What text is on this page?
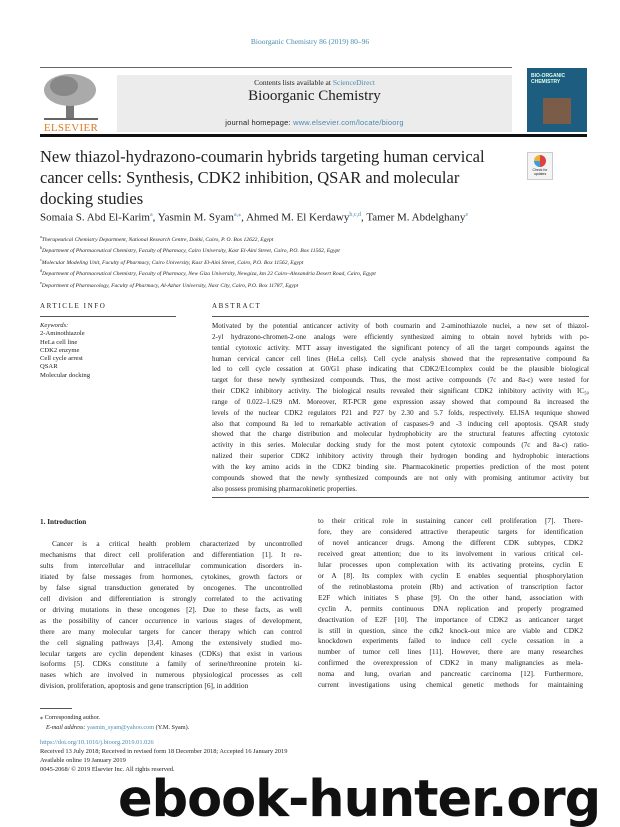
Bioorganic Chemistry 86 (2019) 80–96
ELSEVIER
Contents lists available at ScienceDirect
Bioorganic Chemistry
journal homepage: www.elsevier.com/locate/bioorg
BIO-ORGANIC CHEMISTRY
New thiazol-hydrazono-coumarin hybrids targeting human cervical cancer cells: Synthesis, CDK2 inhibition, QSAR and molecular docking studies
Check for updates
Somaia S. Abd El-Karim$^a$, Yasmin M. Syam$^{a,⁎}$, Ahmed M. El Kerdawy$^{b,c,d}$, Tamer M. Abdelghany$^e$
$^a$Therapeutical Chemistry Department, National Research Centre, Dokki, Cairo, P. O. Box 12622, Egypt
$^b$Department of Pharmaceutical Chemistry, Faculty of Pharmacy, Cairo University, Kasr El-Aini Street, Cairo, P.O. Box 11562, Egypt
$^c$Molecular Modeling Unit, Faculty of Pharmacy, Cairo University, Kasr El-Aini Street, Cairo, P.O. Box 11562, Egypt
$^d$Department of Pharmaceutical Chemistry, Faculty of Pharmacy, New Giza University, Newgiza, km 22 Cairo–Alexandria Desert Road, Cairo, Egypt
$^e$Department of Pharmacology, Faculty of Pharmacy, Al-Azhar University, Nasr City, Cairo, P.O. Box 11787, Egypt
ARTICLE INFO
Keywords:
2-Aminothiazole
HeLa cell line
CDK2 enzyme
Cell cycle arrest
QSAR
Molecular docking
ABSTRACT
Motivated by the potential anticancer activity of both coumarin and 2-aminothiazole nuclei, a new set of thiazol-
2-yl hydrazono-chromen-2-one analogs were efficiently synthesized aiming to obtain novel hybrids with po-
tential cytotoxic activity. MTT assay investigated the significant potency of all the target compounds against the
human cervical cancer cell lines (HeLa cells). Cell cycle analysis showed that the representative compound 8a
led to cell cycle cessation at G0/G1 phase indicating that CDK2/E1complex could be the plausible biological
target for these newly synthesized compounds. Thus, the most active compounds (7c and 8a-c) were tested for
their CDK2 inhibitory activity. The biological results revealed their significant CDK2 inhibitory activity with IC₅₀
range of 0.022–1.629 nM. Moreover, RT-PCR gene expression assay showed that compound 8a increased the
levels of the nuclear CDK2 regulators P21 and P27 by 2.30 and 5.7 folds, respectively. ELISA tequnique showed
also that compound 8a led to remarkable activation of caspases-9 and -3 inducing cell apoptosis. QSAR study
showed that the charge distribution and molecular hydrophobicity are the structural features affecting cytotoxic
activity in this series. Molecular docking study for the most potent cytotoxic compounds (7c and 8a-c) ratio-
nalized their superior CDK2 inhibitory activity through their hydrogen bonding and hydrophobic interactions
with the key amino acids in the CDK2 binding site. Pharmacokinetic properties prediction of the most potent
compounds showed that the newly synthesized compounds are not only with promising antitumor activity but
also possess promising pharmacokinetic properties.
1. Introduction
Cancer is a critical health problem characterized by uncontrolled
mechanisms that direct cell proliferation and differentiation [1]. It re-
sults from intercellular and intracellular communication disorders in-
itiated by false messages from hormones, cytokines, growth factors or
by false signal transduction generated by oncogenes. The uncontrolled
cell division and differentiation is strongly correlated to the activating
or driving mutations in these oncogenes [2]. Due to these facts, as well
as the possibility of cancer occurrence in various stages of development,
there are many molecular targets for cancer therapy which can control
the cell signaling pathways [3,4]. Among the extensively studied mo-
lecular targets are cyclin dependent kinases (CDKs) that exist in various
isoforms [5]. CDKs constitute a family of serine/threonine protein ki-
nases which are involved in numerous physiological processes as cell
division, proliferation, apoptosis and gene transcription [6], in addition
to their critical role in sustaining cancer cell proliferation [7]. There-
fore, they are considered attractive therapeutic targets for identification
of novel anticancer drugs. Among the different CDK subtypes, CDK2
received great attention; due to its involvement in various critical cel-
lular processes upon complexation with its activating proteins, cyclin E
or A [8]. Its complex with cyclin E enables sequential phosphorylation
of the retinoblastoma protein (Rb) and activation of transcription factor
E2F which initiates S phase [9]. On the other hand, association with
cyclin A, permits continuous DNA replication and properly programed
deactivation of E2F [10]. The importance of CDK2 as anticancer target
is still in question, since the cdk2 knock-out mice are viable and CDK2
knockdown experiments failed to induce cell cycle cessation in a
number of tumor cell lines [11]. However, there are many researches
confirmed the overexpression of CDK2 in many malignancies as mela-
noma and lung, ovarian and pancreatic carcinoma [12]. Furthermore,
current investigations using chemical genetic methods for maintaining
⁎ Corresponding author.
E-mail address: yasmin_syam@yahoo.com (Y.M. Syam).
https://doi.org/10.1016/j.bioorg.2019.01.026
Received 13 July 2018; Received in revised form 18 December 2018; Accepted 16 January 2019
Available online 19 January 2019
0045-2068/ © 2019 Elsevier Inc. All rights reserved.
ebook-hunter.org
